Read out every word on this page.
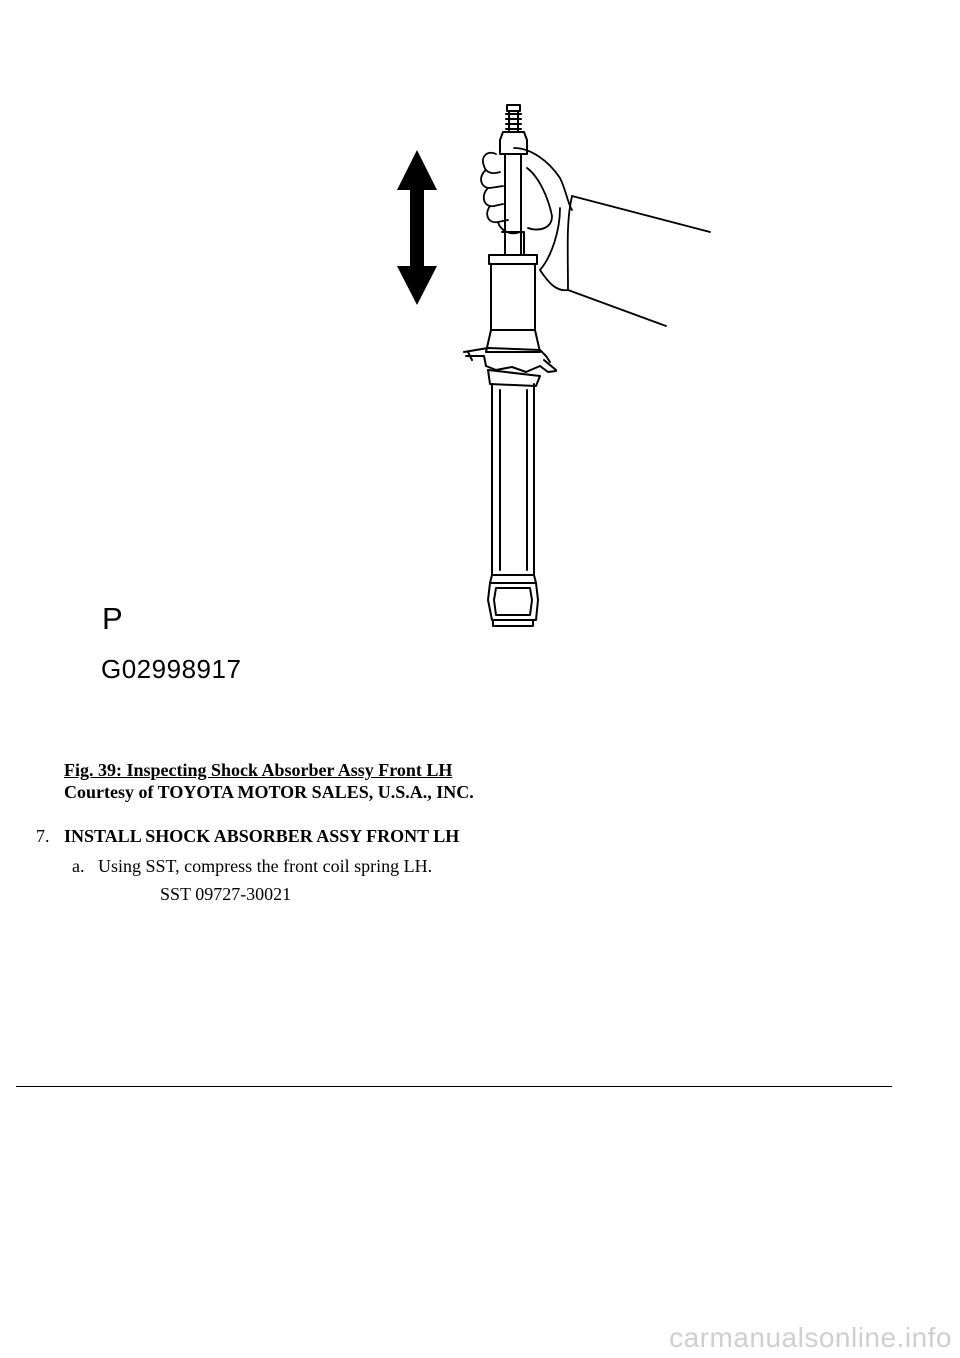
P
G02998917
Fig. 39: Inspecting Shock Absorber Assy Front LH
Courtesy of TOYOTA MOTOR SALES, U.S.A., INC.
7. INSTALL SHOCK ABSORBER ASSY FRONT LH
a. Using SST, compress the front coil spring LH.
SST 09727-30021
carmanualsonline.info
